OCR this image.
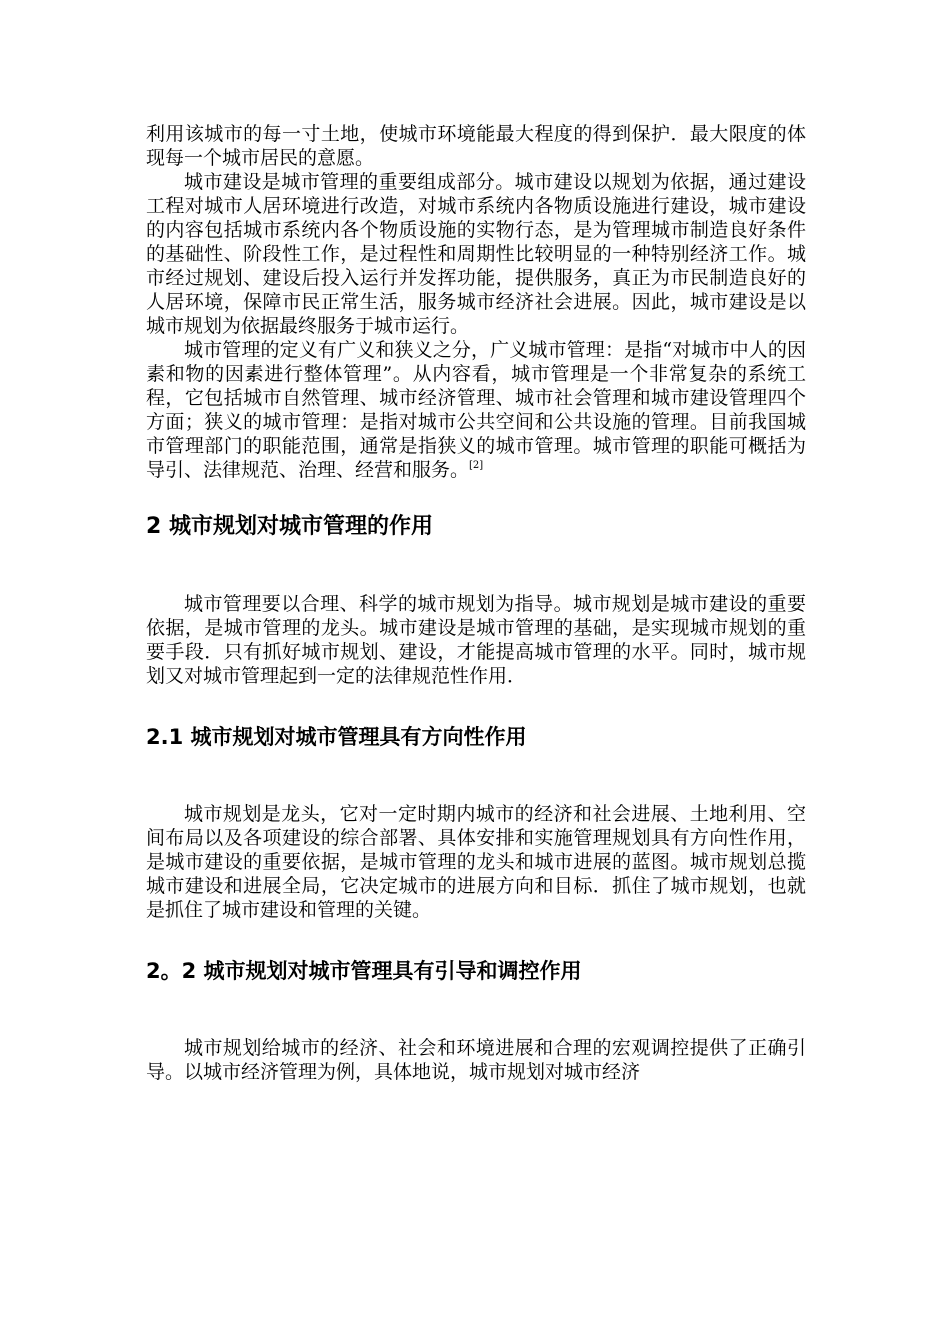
利用该城市的每一寸土地，使城市环境能最大程度的得到保护．最大限度的体现每一个城市居民的意愿。

城市建设是城市管理的重要组成部分。城市建设以规划为依据，通过建设工程对城市人居环境进行改造，对城市系统内各物质设施进行建设，城市建设的内容包括城市系统内各个物质设施的实物行态，是为管理城市制造良好条件的基础性、阶段性工作，是过程性和周期性比较明显的一种特别经济工作。城市经过规划、建设后投入运行并发挥功能，提供服务，真正为市民制造良好的人居环境，保障市民正常生活，服务城市经济社会进展。因此，城市建设是以城市规划为依据最终服务于城市运行。

城市管理的定义有广义和狭义之分，广义城市管理：是指“对城市中人的因素和物的因素进行整体管理”。从内容看，城市管理是一个非常复杂的系统工程，它包括城市自然管理、城市经济管理、城市社会管理和城市建设管理四个方面；狭义的城市管理：是指对城市公共空间和公共设施的管理。目前我国城市管理部门的职能范围，通常是指狭义的城市管理。城市管理的职能可概括为导引、法律规范、治理、经营和服务。[2]

2 城市规划对城市管理的作用

城市管理要以合理、科学的城市规划为指导。城市规划是城市建设的重要依据，是城市管理的龙头。城市建设是城市管理的基础，是实现城市规划的重要手段．只有抓好城市规划、建设，才能提高城市管理的水平。同时，城市规划又对城市管理起到一定的法律规范性作用．

2.1 城市规划对城市管理具有方向性作用

城市规划是龙头，它对一定时期内城市的经济和社会进展、土地利用、空间布局以及各项建设的综合部署、具体安排和实施管理规划具有方向性作用，是城市建设的重要依据，是城市管理的龙头和城市进展的蓝图。城市规划总揽城市建设和进展全局，它决定城市的进展方向和目标．抓住了城市规划，也就是抓住了城市建设和管理的关键。

2。2 城市规划对城市管理具有引导和调控作用

城市规划给城市的经济、社会和环境进展和合理的宏观调控提供了正确引导。以城市经济管理为例，具体地说，城市规划对城市经济
